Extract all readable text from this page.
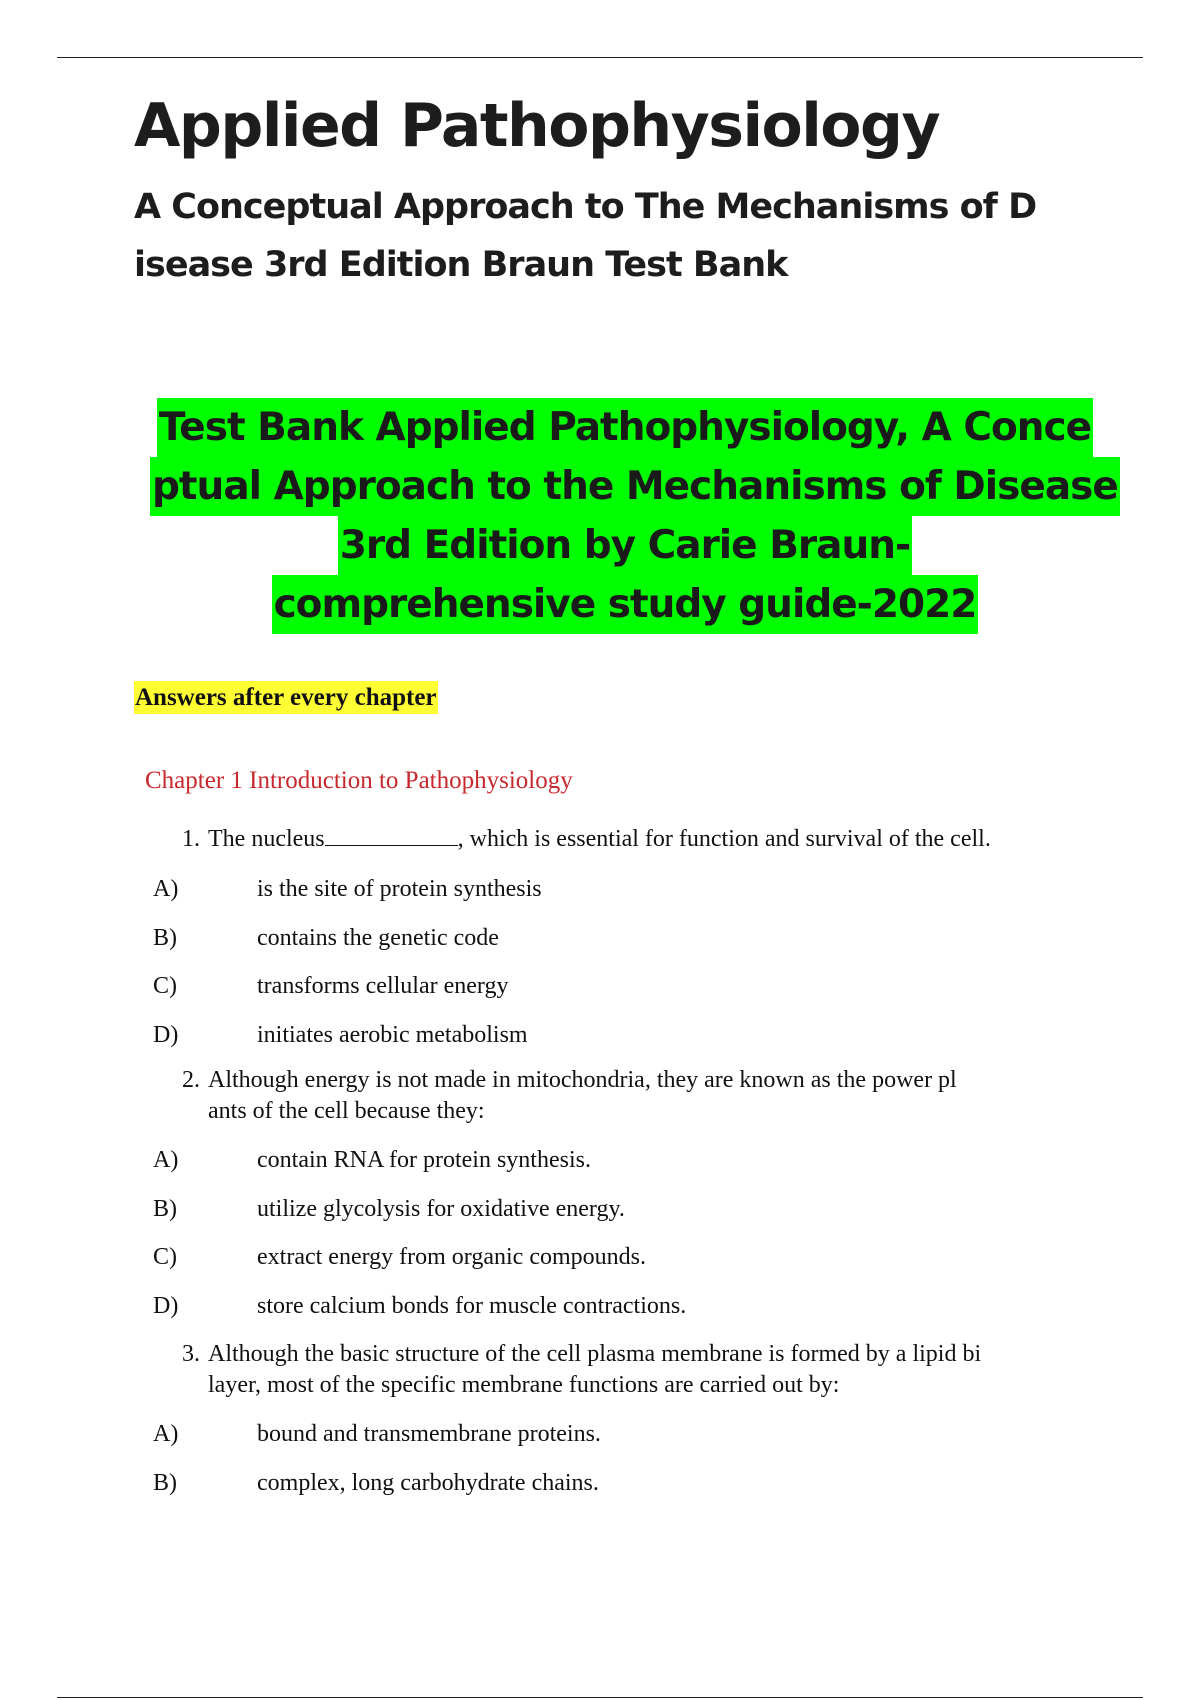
Applied Pathophysiology
A Conceptual Approach to The Mechanisms of D
isease 3rd Edition Braun Test Bank
Test Bank Applied Pathophysiology, A Conce
ptual Approach to the Mechanisms of Disease
3rd Edition by Carie Braun-
comprehensive study guide-2022
Answers after every chapter
Chapter 1 Introduction to Pathophysiology
1. The nucleus	, which is essential for function and survival of the cell.
A)	is the site of protein synthesis
B)	contains the genetic code
C)	transforms cellular energy
D)	initiates aerobic metabolism
2. Although energy is not made in mitochondria, they are known as the power pl
ants of the cell because they:
A)	contain RNA for protein synthesis.
B)	utilize glycolysis for oxidative energy.
C)	extract energy from organic compounds.
D)	store calcium bonds for muscle contractions.
3. Although the basic structure of the cell plasma membrane is formed by a lipid bi
layer, most of the specific membrane functions are carried out by:
A)	bound and transmembrane proteins.
B)	complex, long carbohydrate chains.
